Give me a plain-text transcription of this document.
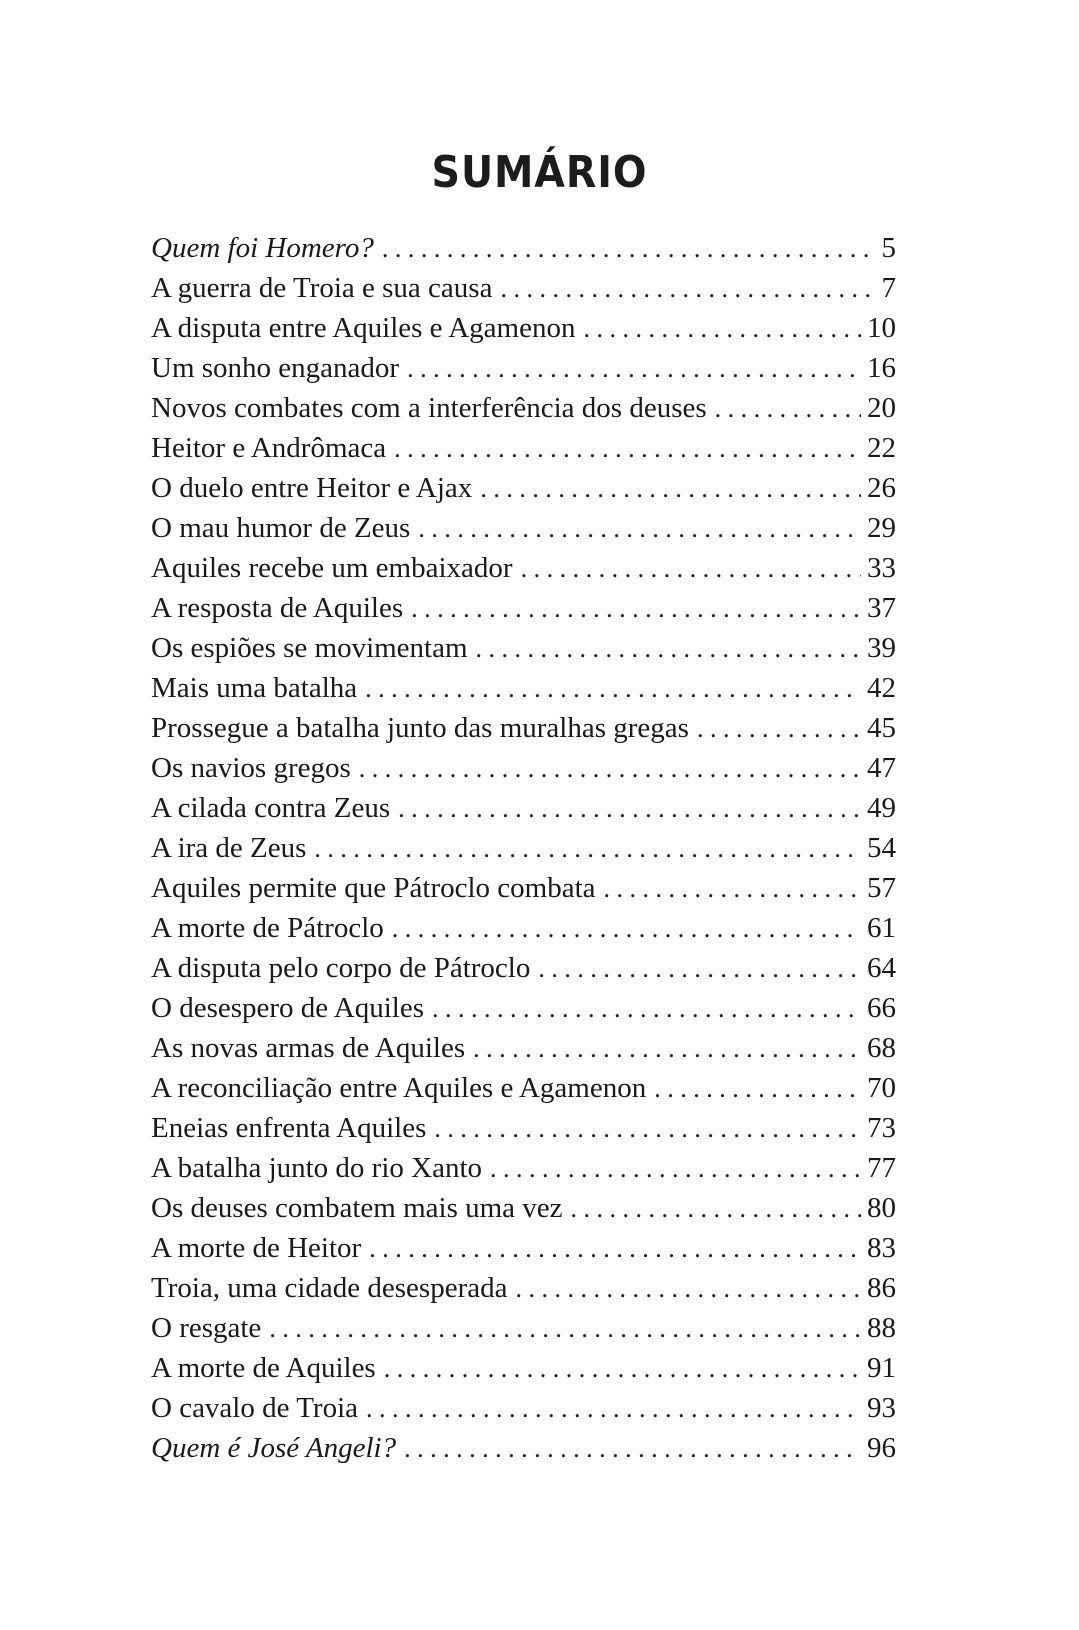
SUMÁRIO
Quem foi Homero? . . .	5
A guerra de Troia e sua causa . . .	7
A disputa entre Aquiles e Agamenon . . .	10
Um sonho enganador . . .	16
Novos combates com a interferência dos deuses . . .	20
Heitor e Andrômaca . . .	22
O duelo entre Heitor e Ajax . . .	26
O mau humor de Zeus . . .	29
Aquiles recebe um embaixador . . .	33
A resposta de Aquiles . . .	37
Os espiões se movimentam . . .	39
Mais uma batalha . . .	42
Prossegue a batalha junto das muralhas gregas . . .	45
Os navios gregos . . .	47
A cilada contra Zeus . . .	49
A ira de Zeus . . .	54
Aquiles permite que Pátroclo combata . . .	57
A morte de Pátroclo . . .	61
A disputa pelo corpo de Pátroclo . . .	64
O desespero de Aquiles . . .	66
As novas armas de Aquiles . . .	68
A reconciliação entre Aquiles e Agamenon . . .	70
Eneias enfrenta Aquiles . . .	73
A batalha junto do rio Xanto . . .	77
Os deuses combatem mais uma vez . . .	80
A morte de Heitor . . .	83
Troia, uma cidade desesperada . . .	86
O resgate . . .	88
A morte de Aquiles . . .	91
O cavalo de Troia . . .	93
Quem é José Angeli? . . .	96
